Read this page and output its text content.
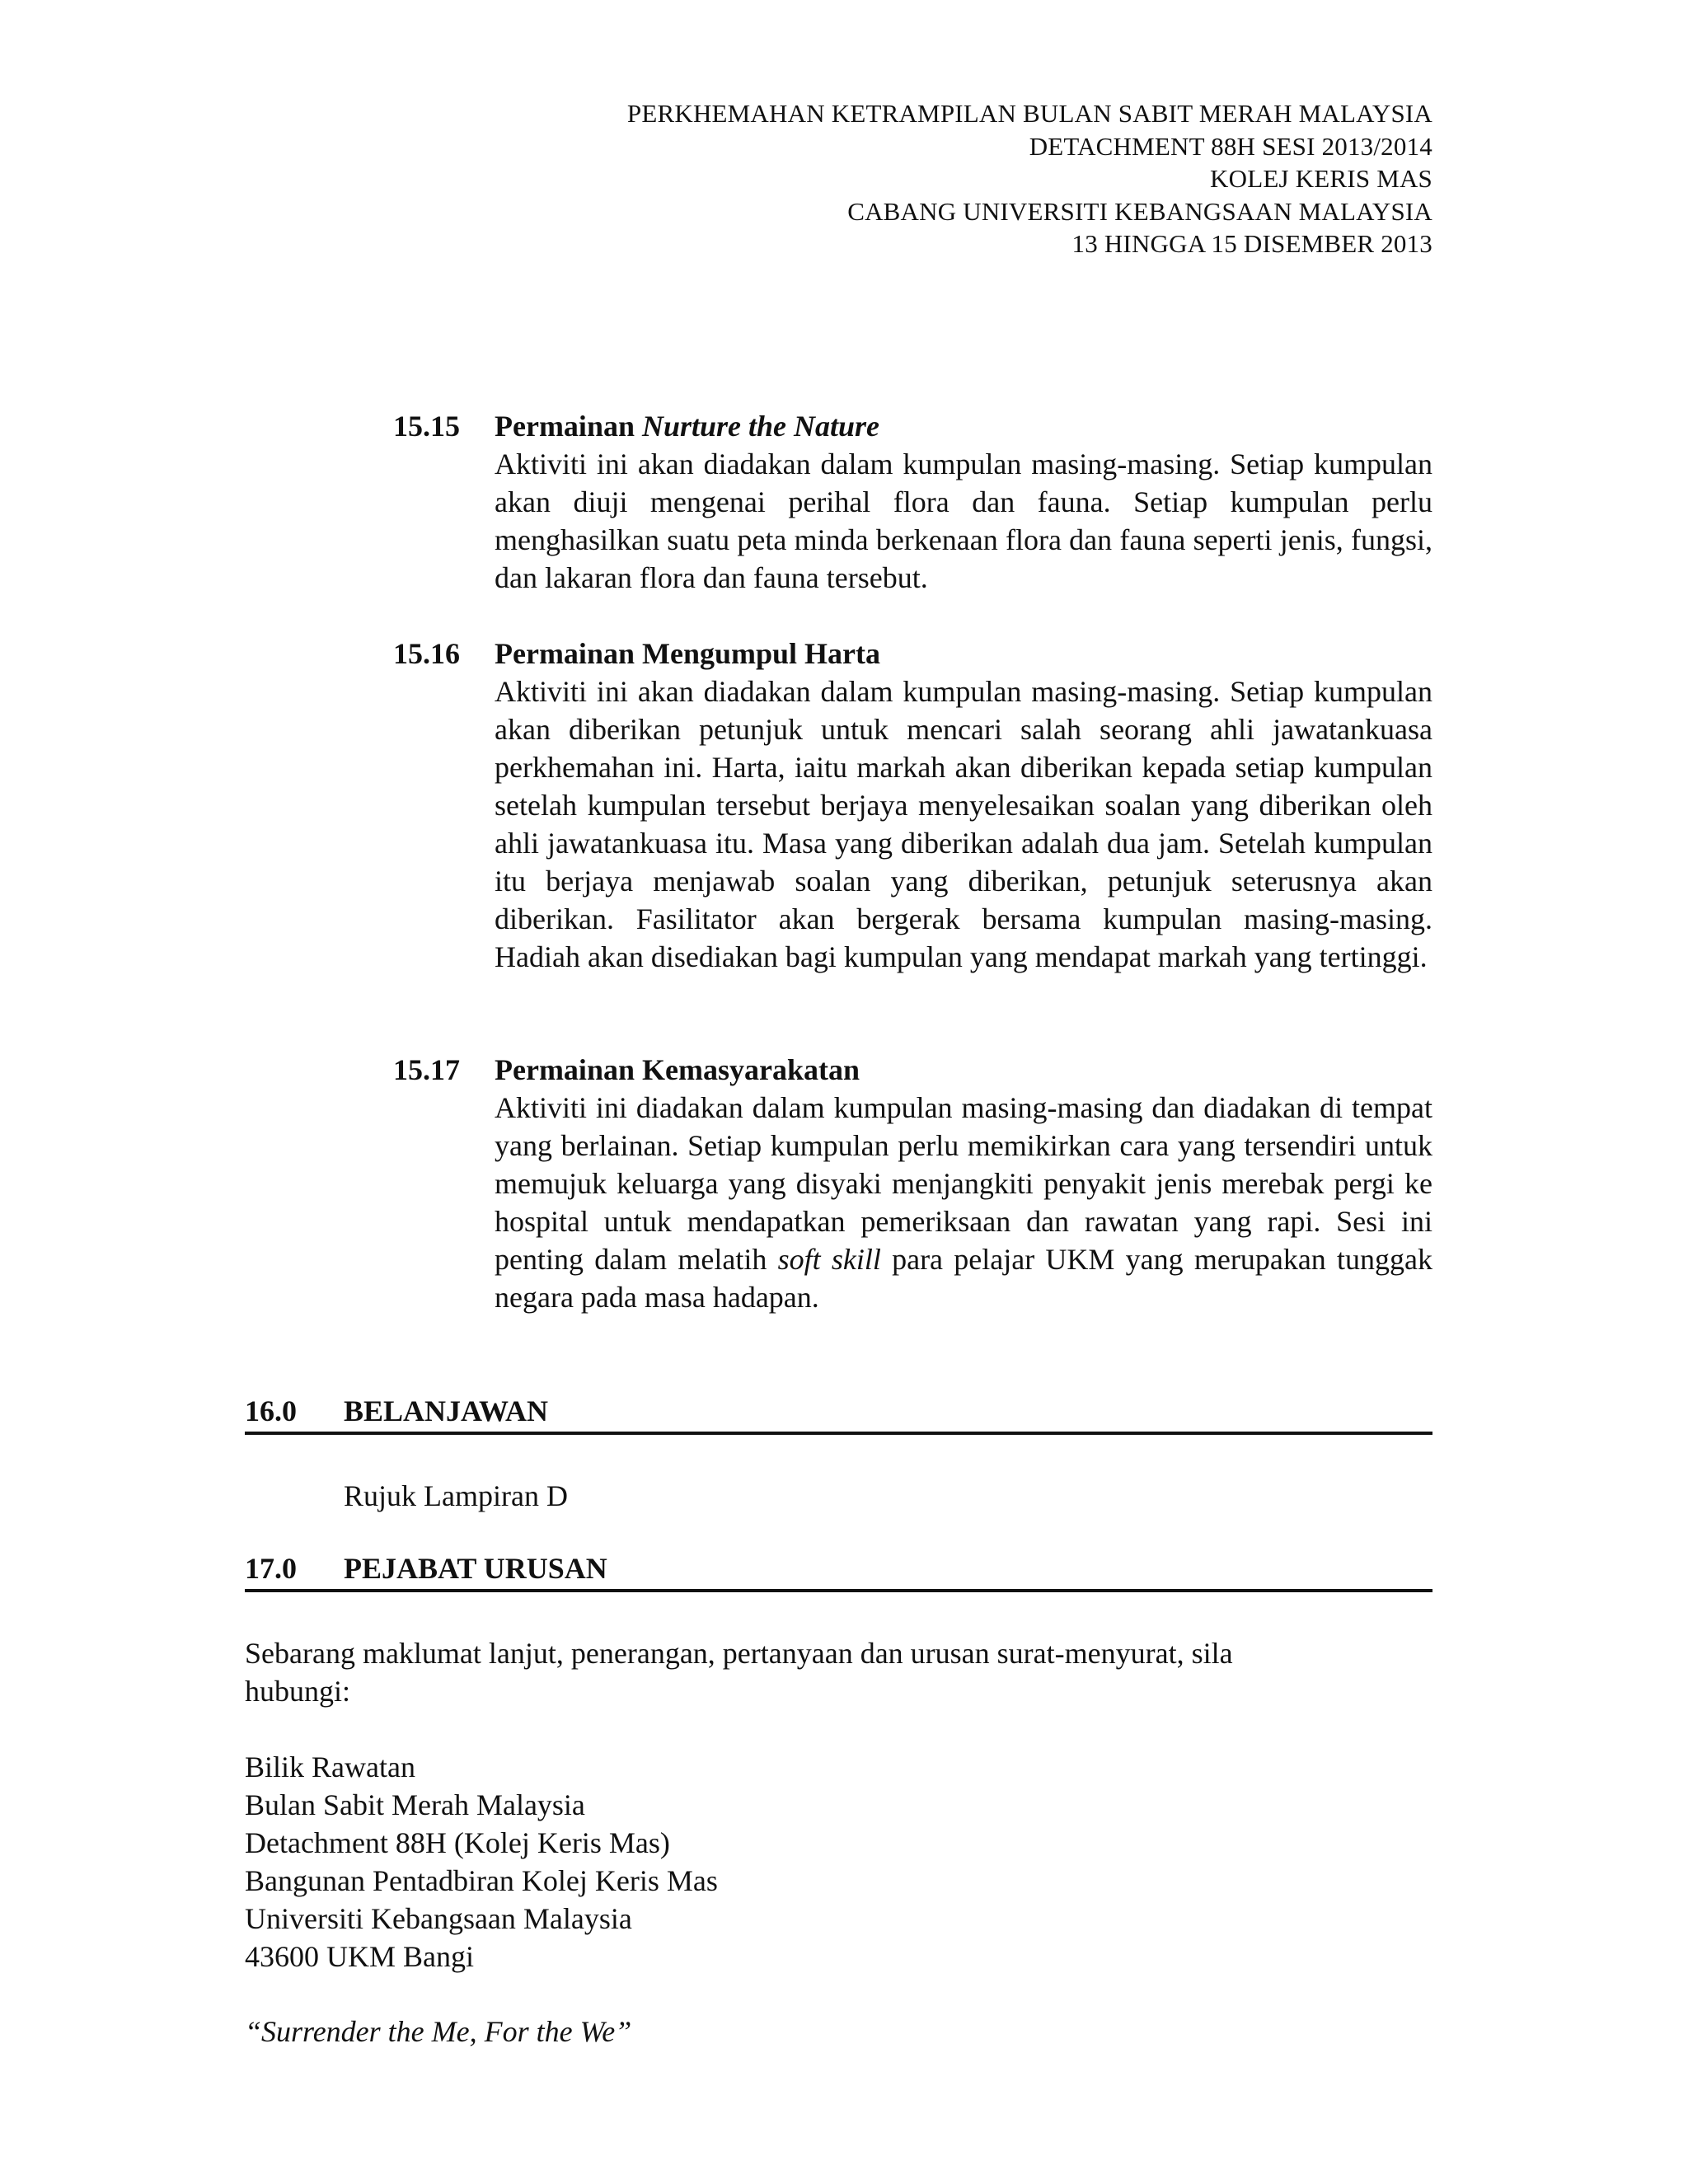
PERKHEMAHAN KETRAMPILAN BULAN SABIT MERAH MALAYSIA
DETACHMENT 88H SESI 2013/2014
KOLEJ KERIS MAS
CABANG UNIVERSITI KEBANGSAAN MALAYSIA
13 HINGGA 15 DISEMBER 2013
15.15 Permainan Nurture the Nature
Aktiviti ini akan diadakan dalam kumpulan masing-masing. Setiap kumpulan akan diuji mengenai perihal flora dan fauna. Setiap kumpulan perlu menghasilkan suatu peta minda berkenaan flora dan fauna seperti jenis, fungsi, dan lakaran flora dan fauna tersebut.
15.16 Permainan Mengumpul Harta
Aktiviti ini akan diadakan dalam kumpulan masing-masing. Setiap kumpulan akan diberikan petunjuk untuk mencari salah seorang ahli jawatankuasa perkhemahan ini. Harta, iaitu markah akan diberikan kepada setiap kumpulan setelah kumpulan tersebut berjaya menyelesaikan soalan yang diberikan oleh ahli jawatankuasa itu. Masa yang diberikan adalah dua jam. Setelah kumpulan itu berjaya menjawab soalan yang diberikan, petunjuk seterusnya akan diberikan. Fasilitator akan bergerak bersama kumpulan masing-masing. Hadiah akan disediakan bagi kumpulan yang mendapat markah yang tertinggi.
15.17 Permainan Kemasyarakatan
Aktiviti ini diadakan dalam kumpulan masing-masing dan diadakan di tempat yang berlainan. Setiap kumpulan perlu memikirkan cara yang tersendiri untuk memujuk keluarga yang disyaki menjangkiti penyakit jenis merebak pergi ke hospital untuk mendapatkan pemeriksaan dan rawatan yang rapi. Sesi ini penting dalam melatih soft skill para pelajar UKM yang merupakan tunggak negara pada masa hadapan.
16.0 BELANJAWAN
Rujuk Lampiran D
17.0 PEJABAT URUSAN
Sebarang maklumat lanjut, penerangan, pertanyaan dan urusan surat-menyurat, sila
hubungi:
Bilik Rawatan
Bulan Sabit Merah Malaysia
Detachment 88H (Kolej Keris Mas)
Bangunan Pentadbiran Kolej Keris Mas
Universiti Kebangsaan Malaysia
43600 UKM Bangi
“Surrender the Me, For the We”
